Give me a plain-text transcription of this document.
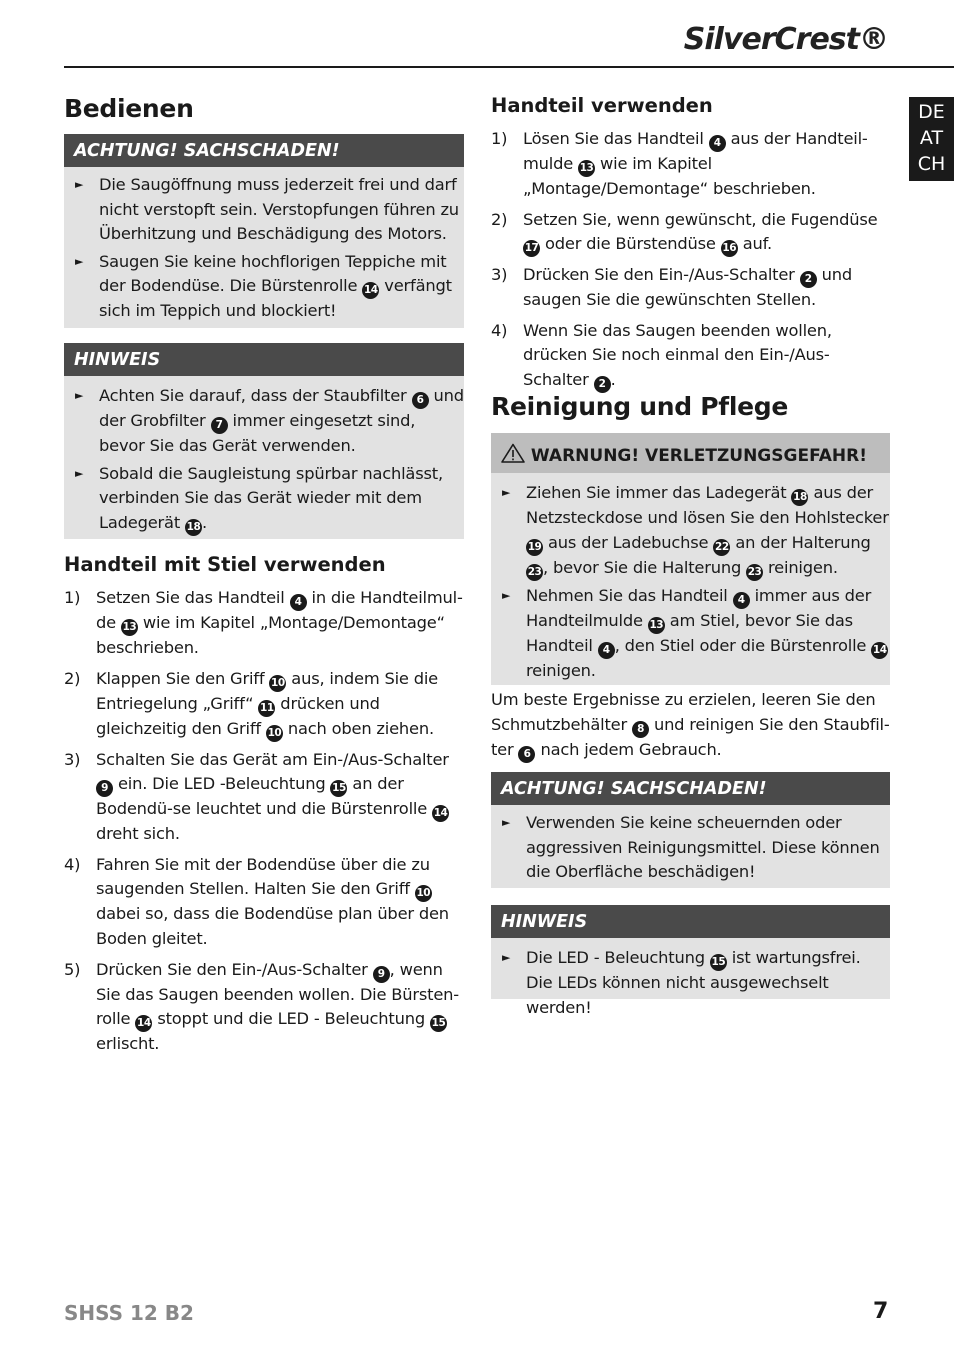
SilverCrest®
DE
AT
CH
Bedienen
ACHTUNG! SACHSCHADEN!
► Die Saugöffnung muss jederzeit frei und darf nicht verstopft sein. Verstopfungen führen zu Überhitzung und Beschädigung des Motors.
► Saugen Sie keine hochflorigen Teppiche mit der Bodendüse. Die Bürstenrolle 14 verfängt sich im Teppich und blockiert!
HINWEIS
► Achten Sie darauf, dass der Staubfilter 6 und der Grobfilter 7 immer eingesetzt sind, bevor Sie das Gerät verwenden.
► Sobald die Saugleistung spürbar nachlässt, verbinden Sie das Gerät wieder mit dem Ladegerät 18 .
Handteil mit Stiel verwenden
1) Setzen Sie das Handteil 4 in die Handteilmul-de 13 wie im Kapitel „Montage/Demontage“ beschrieben.
2) Klappen Sie den Griff 10 aus, indem Sie die Entriegelung „Griff“ 11 drücken und gleichzeitig den Griff 10 nach oben ziehen.
3) Schalten Sie das Gerät am Ein-/Aus-Schalter 9 ein. Die LED -Beleuchtung 15 an der Bodendü-se leuchtet und die Bürstenrolle 14 dreht sich.
4) Fahren Sie mit der Bodendüse über die zu saugenden Stellen. Halten Sie den Griff 10 dabei so, dass die Bodendüse plan über den Boden gleitet.
5) Drücken Sie den Ein-/Aus-Schalter 9 , wenn Sie das Saugen beenden wollen. Die Bürsten-rolle 14 stoppt und die LED - Beleuchtung 15 erlischt.
Handteil verwenden
1) Lösen Sie das Handteil 4 aus der Handteil-mulde 13 wie im Kapitel „Montage/Demontage“ beschrieben.
2) Setzen Sie, wenn gewünscht, die Fugendüse 17 oder die Bürstendüse 16 auf.
3) Drücken Sie den Ein-/Aus-Schalter 2 und saugen Sie die gewünschten Stellen.
4) Wenn Sie das Saugen beenden wollen, drücken Sie noch einmal den Ein-/Aus-Schalter 2 .
Reinigung und Pflege
WARNUNG! VERLETZUNGSGEFAHR!
► Ziehen Sie immer das Ladegerät 18 aus der Netzsteckdose und lösen Sie den Hohlstecker 19 aus der Ladebuchse 22 an der Halterung 23 , bevor Sie die Halterung 23 reinigen.
► Nehmen Sie das Handteil 4 immer aus der Handteilmulde 13 am Stiel, bevor Sie das Handteil 4 , den Stiel oder die Bürstenrolle 14 reinigen.
Um beste Ergebnisse zu erzielen, leeren Sie den Schmutzbehälter 8 und reinigen Sie den Staubfil-ter 6 nach jedem Gebrauch.
ACHTUNG! SACHSCHADEN!
► Verwenden Sie keine scheuernden oder aggressiven Reinigungsmittel. Diese können die Oberfläche beschädigen!
HINWEIS
► Die LED - Beleuchtung 15 ist wartungsfrei. Die LEDs können nicht ausgewechselt werden!
SHSS 12 B2	7
